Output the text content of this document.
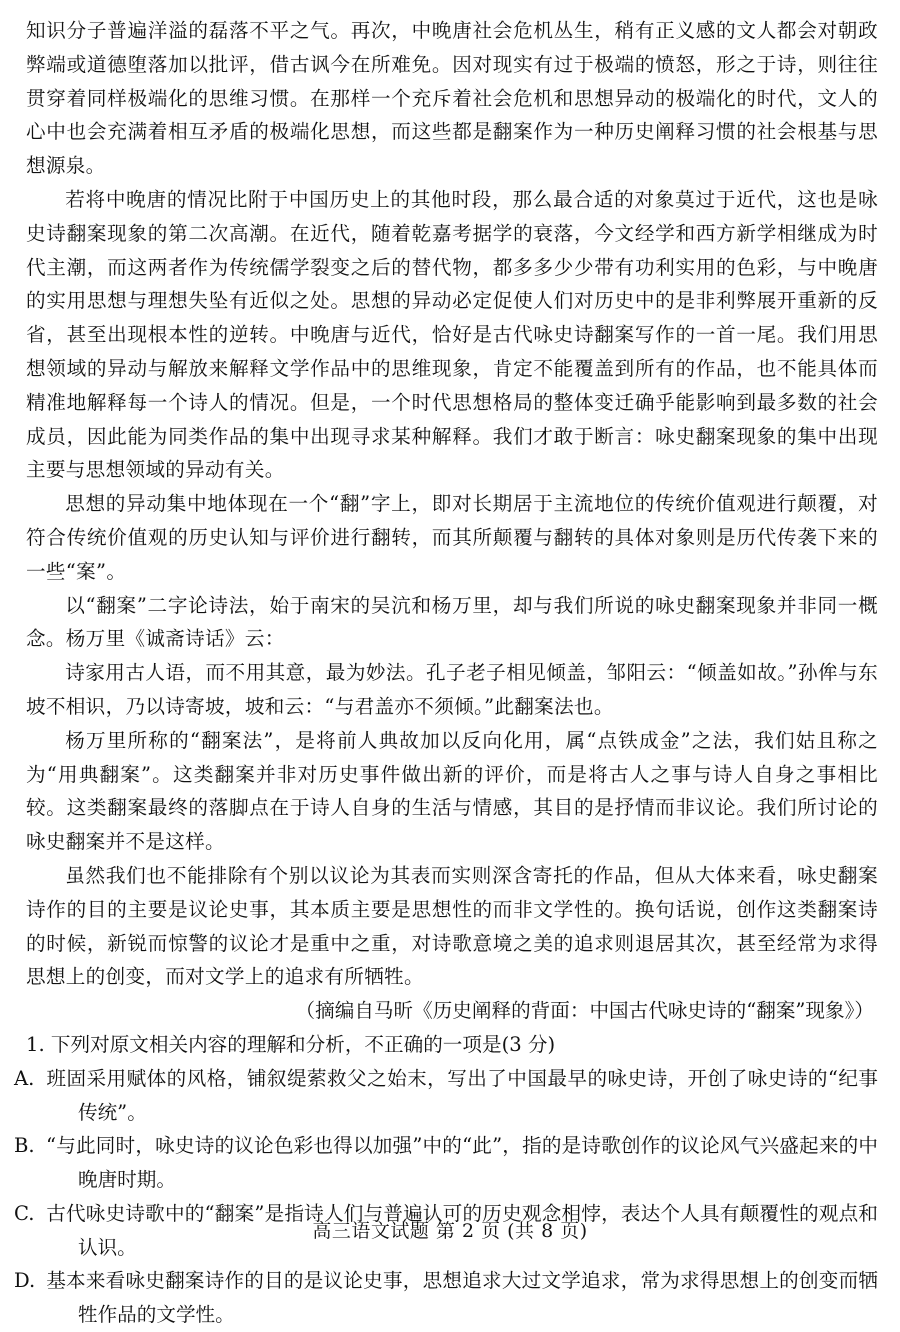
知识分子普遍洋溢的磊落不平之气。再次，中晚唐社会危机丛生，稍有正义感的文人都会对朝政弊端或道德堕落加以批评，借古讽今在所难免。因对现实有过于极端的愤怒，形之于诗，则往往贯穿着同样极端化的思维习惯。在那样一个充斥着社会危机和思想异动的极端化的时代，文人的心中也会充满着相互矛盾的极端化思想，而这些都是翻案作为一种历史阐释习惯的社会根基与思想源泉。

若将中晚唐的情况比附于中国历史上的其他时段，那么最合适的对象莫过于近代，这也是咏史诗翻案现象的第二次高潮。在近代，随着乾嘉考据学的衰落，今文经学和西方新学相继成为时代主潮，而这两者作为传统儒学裂变之后的替代物，都多多少少带有功利实用的色彩，与中晚唐的实用思想与理想失坠有近似之处。思想的异动必定促使人们对历史中的是非利弊展开重新的反省，甚至出现根本性的逆转。中晚唐与近代，恰好是古代咏史诗翻案写作的一首一尾。我们用思想领域的异动与解放来解释文学作品中的思维现象，肯定不能覆盖到所有的作品，也不能具体而精准地解释每一个诗人的情况。但是，一个时代思想格局的整体变迁确乎能影响到最多数的社会成员，因此能为同类作品的集中出现寻求某种解释。我们才敢于断言：咏史翻案现象的集中出现主要与思想领域的异动有关。

思想的异动集中地体现在一个“翻”字上，即对长期居于主流地位的传统价值观进行颠覆，对符合传统价值观的历史认知与评价进行翻转，而其所颠覆与翻转的具体对象则是历代传袭下来的一些“案”。

以“翻案”二字论诗法，始于南宋的吴沆和杨万里，却与我们所说的咏史翻案现象并非同一概念。杨万里《诚斋诗话》云：

诗家用古人语，而不用其意，最为妙法。孔子老子相见倾盖，邹阳云：“倾盖如故。”孙侔与东坡不相识，乃以诗寄坡，坡和云：“与君盖亦不须倾。”此翻案法也。

杨万里所称的“翻案法”，是将前人典故加以反向化用，属“点铁成金”之法，我们姑且称之为“用典翻案”。这类翻案并非对历史事件做出新的评价，而是将古人之事与诗人自身之事相比较。这类翻案最终的落脚点在于诗人自身的生活与情感，其目的是抒情而非议论。我们所讨论的咏史翻案并不是这样。

虽然我们也不能排除有个别以议论为其表而实则深含寄托的作品，但从大体来看，咏史翻案诗作的目的主要是议论史事，其本质主要是思想性的而非文学性的。换句话说，创作这类翻案诗的时候，新锐而惊警的议论才是重中之重，对诗歌意境之美的追求则退居其次，甚至经常为求得思想上的创变，而对文学上的追求有所牺牲。

（摘编自马昕《历史阐释的背面：中国古代咏史诗的“翻案”现象》）

1. 下列对原文相关内容的理解和分析，不正确的一项是(3 分)

A. 班固采用赋体的风格，铺叙缇萦救父之始末，写出了中国最早的咏史诗，开创了咏史诗的“纪事传统”。

B. “与此同时，咏史诗的议论色彩也得以加强”中的“此”，指的是诗歌创作的议论风气兴盛起来的中晚唐时期。

C. 古代咏史诗歌中的“翻案”是指诗人们与普遍认可的历史观念相悖，表达个人具有颠覆性的观点和认识。

D. 基本来看咏史翻案诗作的目的是议论史事，思想追求大过文学追求，常为求得思想上的创变而牺牲作品的文学性。

高三语文试题 第 2 页 (共 8 页)
